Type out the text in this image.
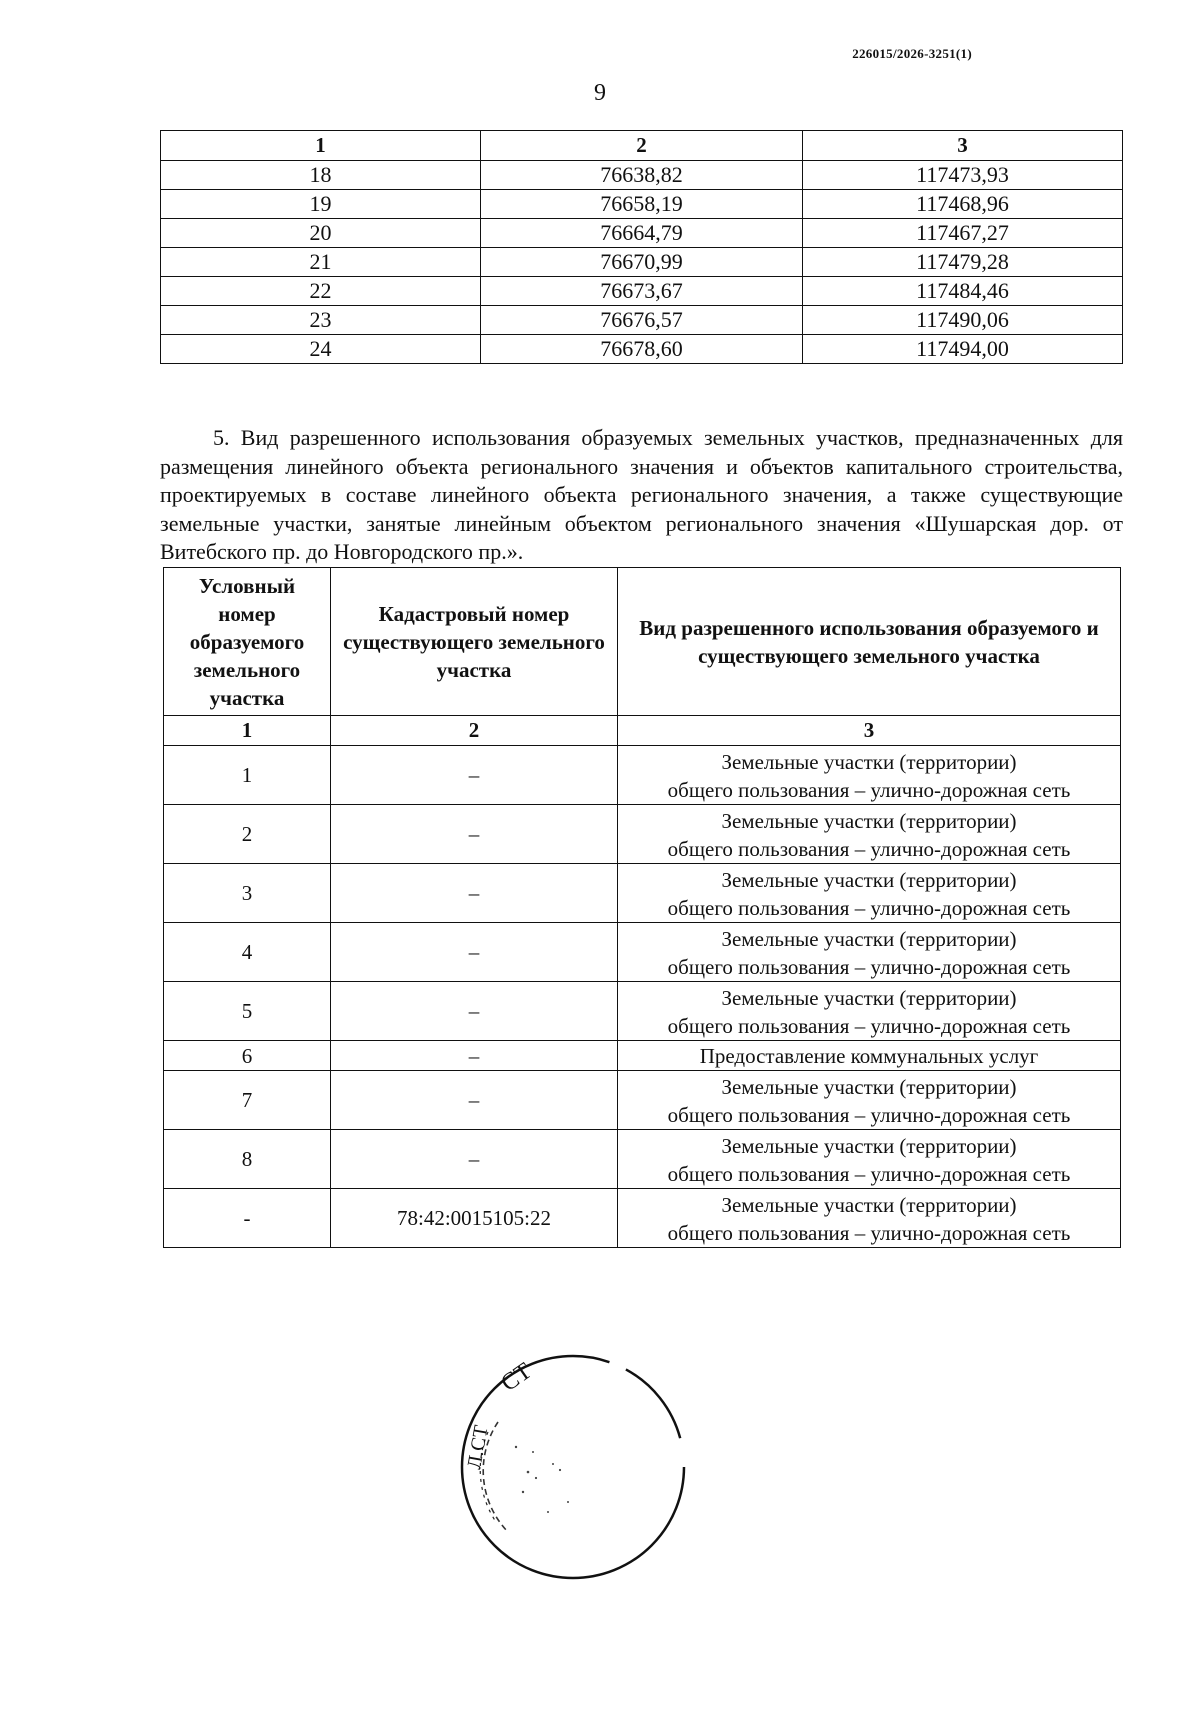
226015/2026-3251(1)
9
1	2	3
18	76638,82	117473,93
19	76658,19	117468,96
20	76664,79	117467,27
21	76670,99	117479,28
22	76673,67	117484,46
23	76676,57	117490,06
24	76678,60	117494,00

5. Вид разрешенного использования образуемых земельных участков, предназначенных для размещения линейного объекта регионального значения и объектов капитального строительства, проектируемых в составе линейного объекта регионального значения, а также существующие земельные участки, занятые линейным объектом регионального значения «Шушарская дор. от Витебского пр. до Новгородского пр.».

Условный номер образуемого земельного участка	Кадастровый номер существующего земельного участка	Вид разрешенного использования образуемого и существующего земельного участка
1	2	3
1	–	Земельные участки (территории)
общего пользования – улично-дорожная сеть

2	–	Земельные участки (территории)
общего пользования – улично-дорожная сеть

3	–	Земельные участки (территории)
общего пользования – улично-дорожная сеть

4	–	Земельные участки (территории)
общего пользования – улично-дорожная сеть

5	–	Земельные участки (территории)
общего пользования – улично-дорожная сеть

6	–	Предоставление коммунальных услуг
7	–	Земельные участки (территории)
общего пользования – улично-дорожная сеть

8	–	Земельные участки (территории)
общего пользования – улично-дорожная сеть

-	78:42:0015105:22	Земельные участки (территории)
общего пользования – улично-дорожная сеть
СТ
Л.СТ
